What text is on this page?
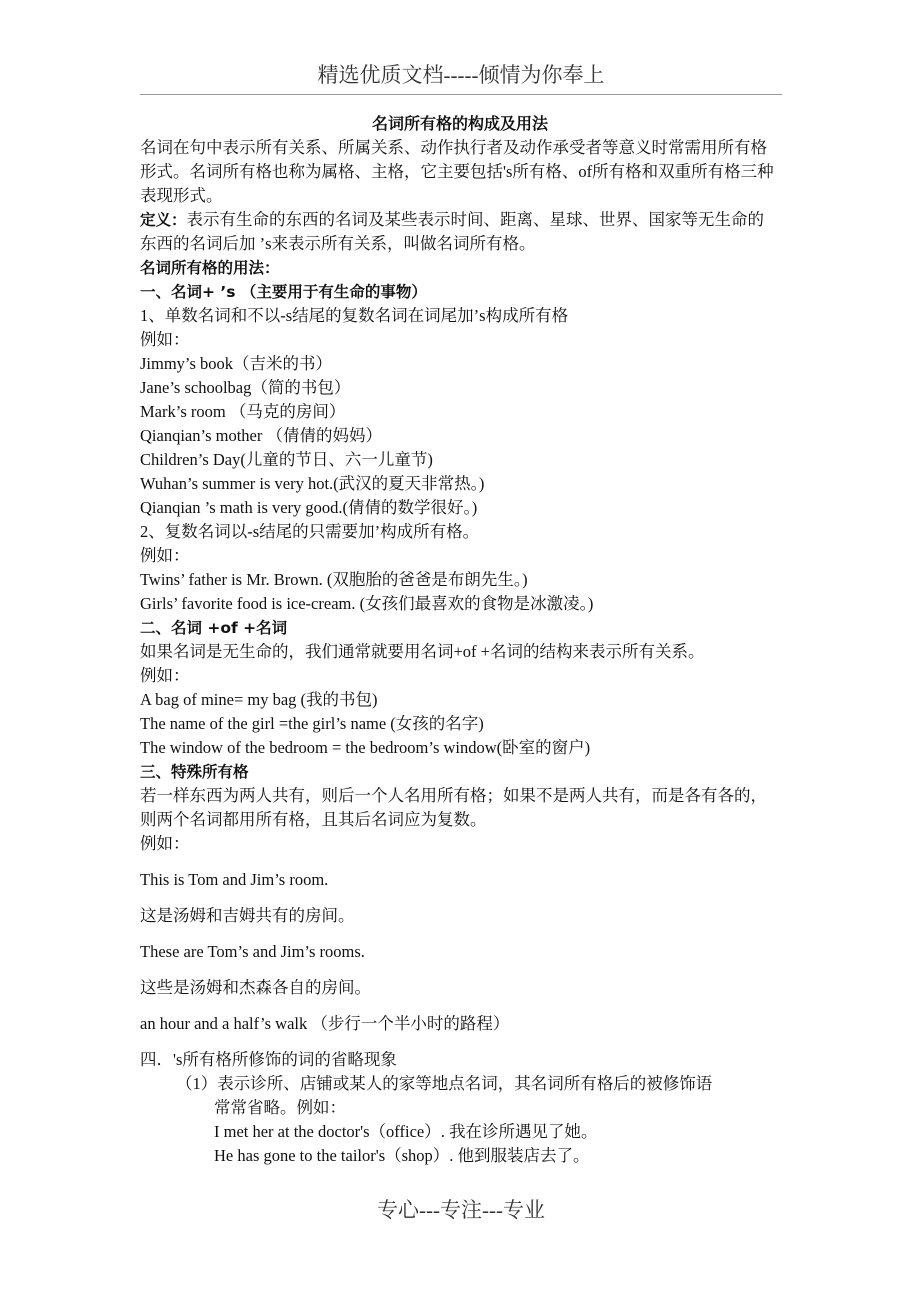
精选优质文档-----倾情为你奉上
名词所有格的构成及用法
名词在句中表示所有关系、所属关系、动作执行者及动作承受者等意义时常需用所有格形式。名词所有格也称为属格、主格，它主要包括's所有格、of所有格和双重所有格三种表现形式。
定义：表示有生命的东西的名词及某些表示时间、距离、星球、世界、国家等无生命的东西的名词后加 ’s来表示所有关系，叫做名词所有格。
名词所有格的用法：
一、名词+ ’s （主要用于有生命的事物）
1、单数名词和不以-s结尾的复数名词在词尾加’s构成所有格
例如：
Jimmy’s book（吉米的书）
Jane’s schoolbag（简的书包）
Mark’s room （马克的房间）
Qianqian’s mother （倩倩的妈妈）
Children’s Day(儿童的节日、六一儿童节)
Wuhan’s summer is very hot.(武汉的夏天非常热。)
Qianqian ’s math is very good.(倩倩的数学很好。)
2、复数名词以-s结尾的只需要加’构成所有格。
例如：
Twins’ father is Mr. Brown. (双胞胎的爸爸是布朗先生。)
Girls’ favorite food is ice-cream. (女孩们最喜欢的食物是冰激凌。)
二、名词 +of +名词
如果名词是无生命的，我们通常就要用名词+of +名词的结构来表示所有关系。
例如：
A bag of mine= my bag (我的书包)
The name of the girl =the girl’s name (女孩的名字)
The window of the bedroom = the bedroom’s window(卧室的窗户)
三、特殊所有格
若一样东西为两人共有，则后一个人名用所有格；如果不是两人共有，而是各有各的，则两个名词都用所有格，且其后名词应为复数。
例如：
This is Tom and Jim’s room.
这是汤姆和吉姆共有的房间。
These are Tom’s and Jim’s rooms.
这些是汤姆和杰森各自的房间。
an hour and a half’s walk （步行一个半小时的路程）
四．'s所有格所修饰的词的省略现象
（1）表示诊所、店铺或某人的家等地点名词，其名词所有格后的被修饰语
常常省略。例如：
I met her at the doctor's（office）. 我在诊所遇见了她。
He has gone to the tailor's（shop）. 他到服装店去了。
专心---专注---专业
